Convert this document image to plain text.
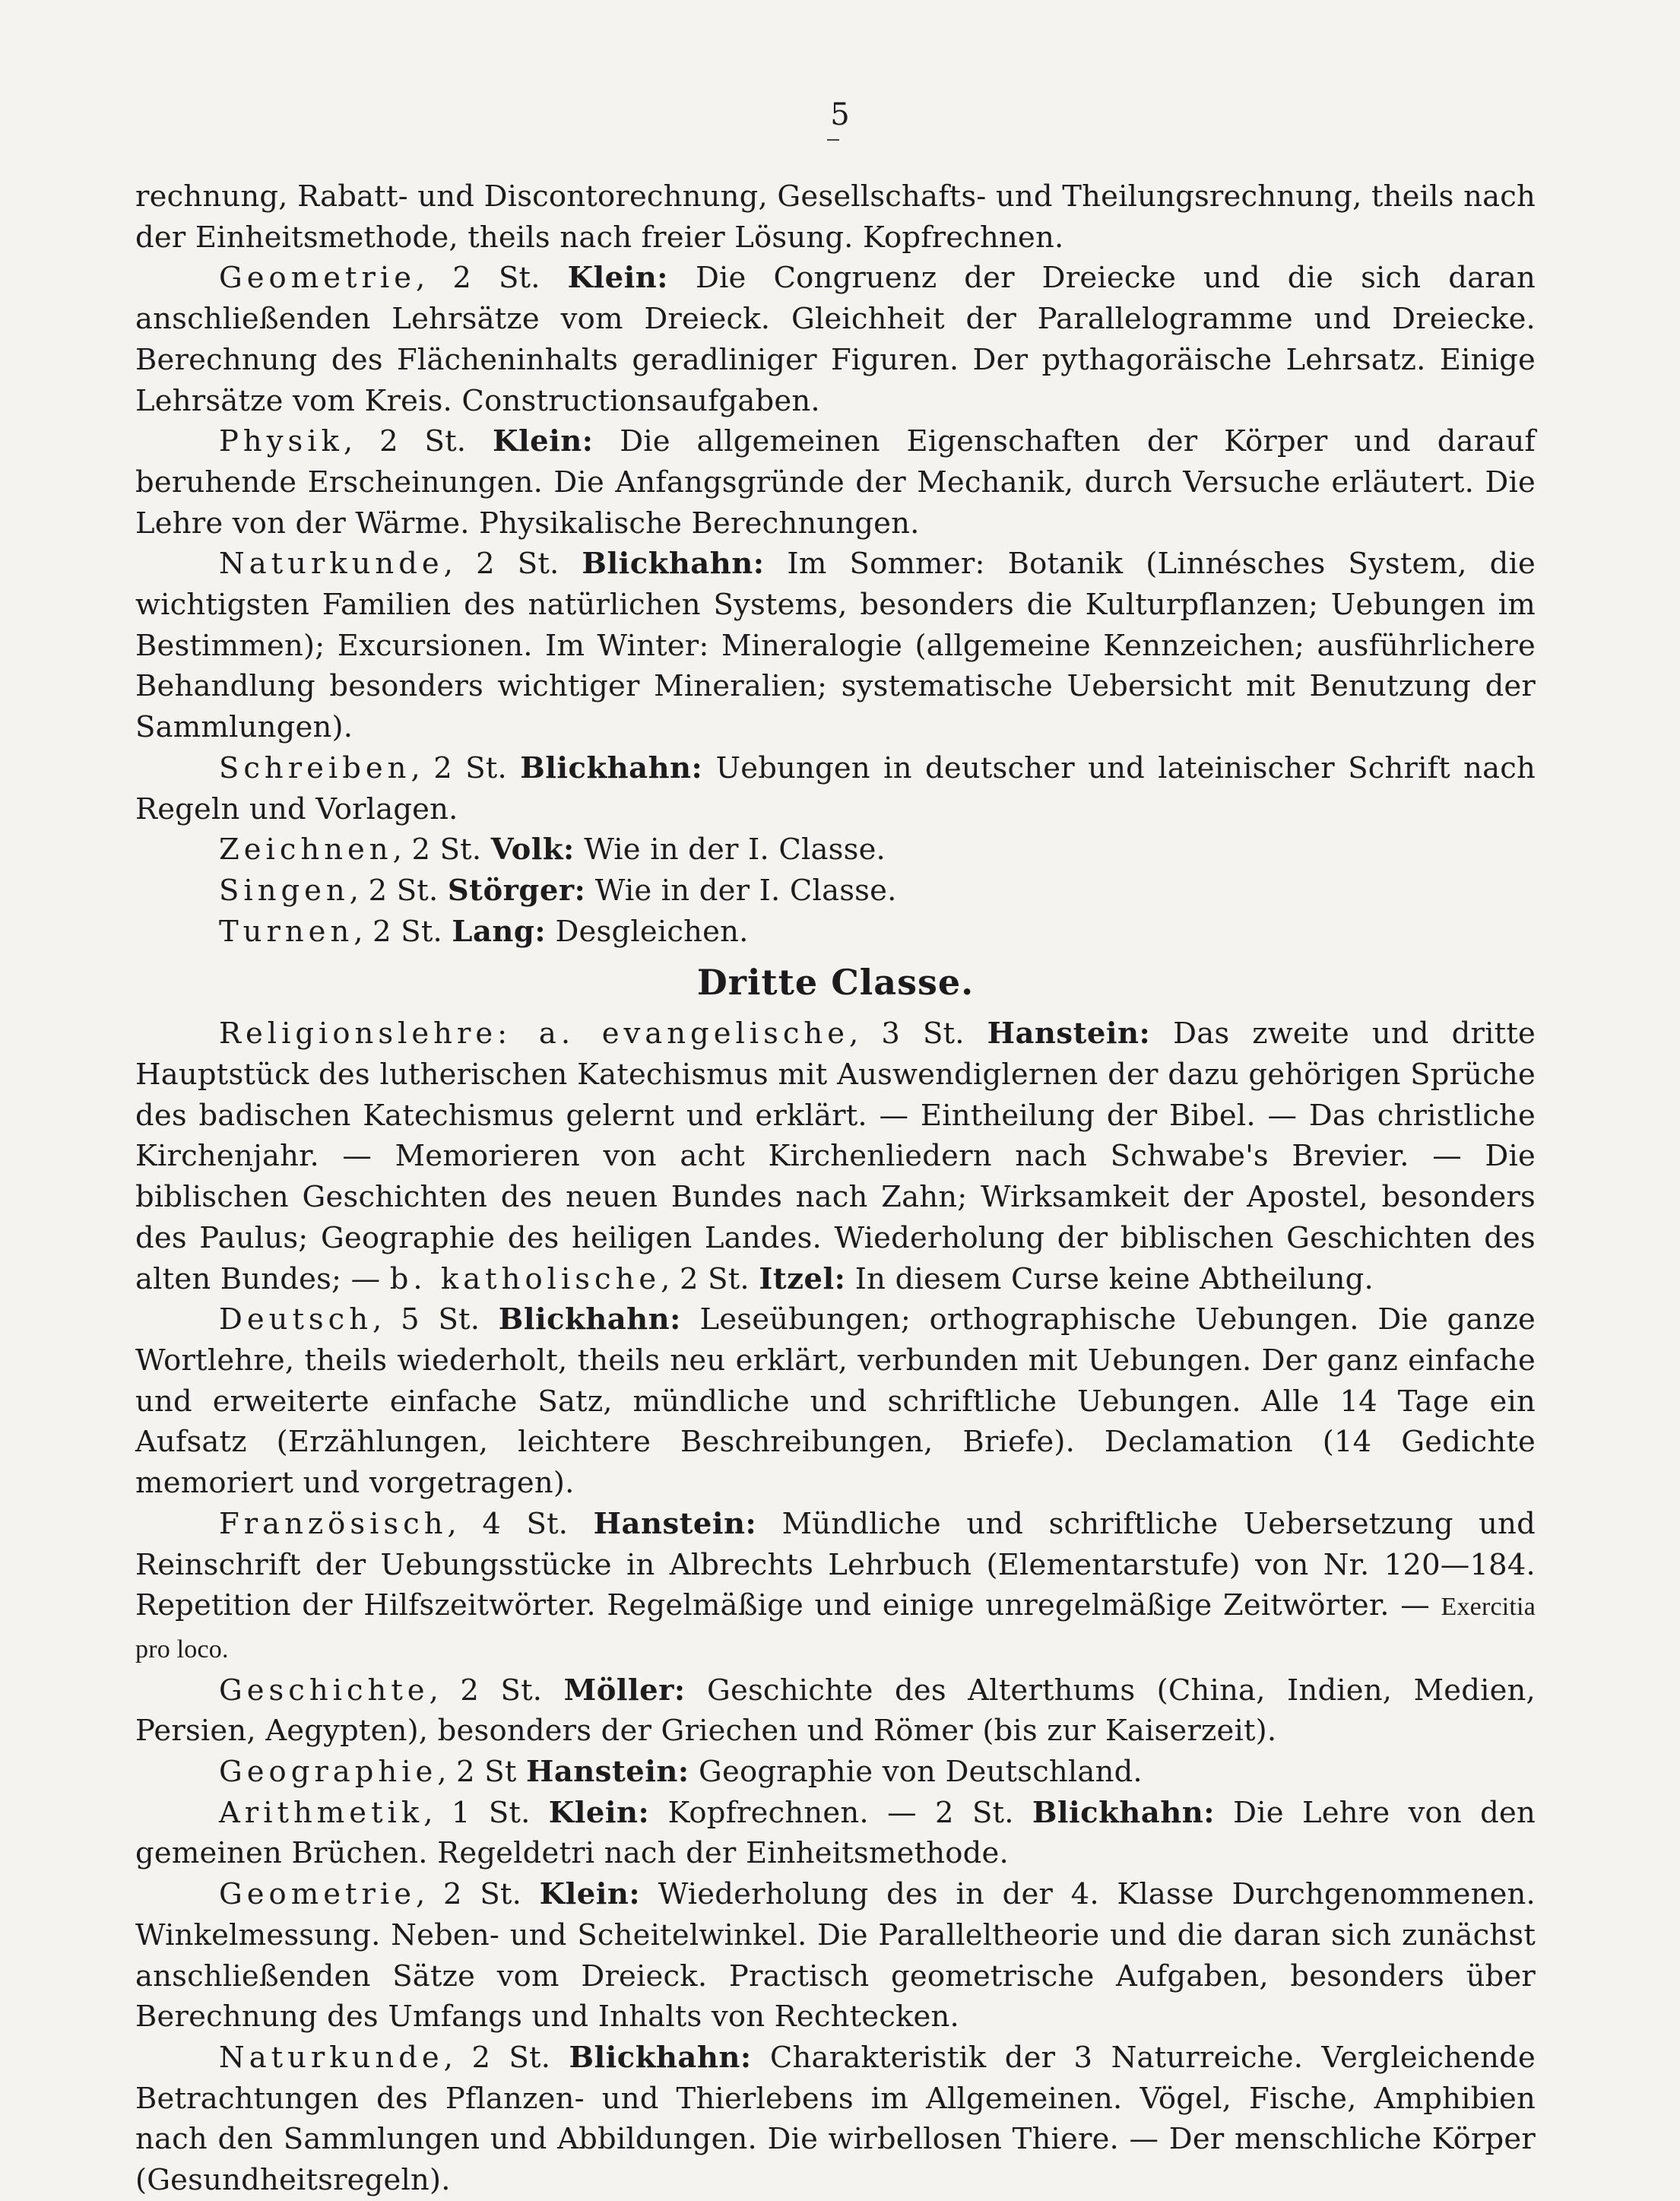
5

rechnung, Rabatt- und Discontorechnung, Gesellschafts- und Theilungsrechnung, theils nach der Einheitsmethode, theils nach freier Lösung. Kopfrechnen.

Geometrie, 2 St. Klein: Die Congruenz der Dreiecke und die sich daran anschließenden Lehrsätze vom Dreieck. Gleichheit der Parallelogramme und Dreiecke. Berechnung des Flächeninhalts geradliniger Figuren. Der pythagoräische Lehrsatz. Einige Lehrsätze vom Kreis. Constructionsaufgaben.

Physik, 2 St. Klein: Die allgemeinen Eigenschaften der Körper und darauf beruhende Erscheinungen. Die Anfangsgründe der Mechanik, durch Versuche erläutert. Die Lehre von der Wärme. Physikalische Berechnungen.

Naturkunde, 2 St. Blickhahn: Im Sommer: Botanik (Linnésches System, die wichtigsten Familien des natürlichen Systems, besonders die Kulturpflanzen; Uebungen im Bestimmen); Excursionen. Im Winter: Mineralogie (allgemeine Kennzeichen; ausführlichere Behandlung besonders wichtiger Mineralien; systematische Uebersicht mit Benutzung der Sammlungen).

Schreiben, 2 St. Blickhahn: Uebungen in deutscher und lateinischer Schrift nach Regeln und Vorlagen.

Zeichnen, 2 St. Volk: Wie in der I. Classe.

Singen, 2 St. Störger: Wie in der I. Classe.

Turnen, 2 St. Lang: Desgleichen.

Dritte Classe.

Religionslehre: a. evangelische, 3 St. Hanstein: Das zweite und dritte Hauptstück des lutherischen Katechismus mit Auswendiglernen der dazu gehörigen Sprüche des badischen Katechismus gelernt und erklärt. — Eintheilung der Bibel. — Das christliche Kirchenjahr. — Memorieren von acht Kirchenliedern nach Schwabe's Brevier. — Die biblischen Geschichten des neuen Bundes nach Zahn; Wirksamkeit der Apostel, besonders des Paulus; Geographie des heiligen Landes. Wiederholung der biblischen Geschichten des alten Bundes; — b. katholische, 2 St. Itzel: In diesem Curse keine Abtheilung.

Deutsch, 5 St. Blickhahn: Leseübungen; orthographische Uebungen. Die ganze Wortlehre, theils wiederholt, theils neu erklärt, verbunden mit Uebungen. Der ganz einfache und erweiterte einfache Satz, mündliche und schriftliche Uebungen. Alle 14 Tage ein Aufsatz (Erzählungen, leichtere Beschreibungen, Briefe). Declamation (14 Gedichte memoriert und vorgetragen).

Französisch, 4 St. Hanstein: Mündliche und schriftliche Uebersetzung und Reinschrift der Uebungsstücke in Albrechts Lehrbuch (Elementarstufe) von Nr. 120—184. Repetition der Hilfszeitwörter. Regelmäßige und einige unregelmäßige Zeitwörter. — Exercitia pro loco.

Geschichte, 2 St. Möller: Geschichte des Alterthums (China, Indien, Medien, Persien, Aegypten), besonders der Griechen und Römer (bis zur Kaiserzeit).

Geographie, 2 St Hanstein: Geographie von Deutschland.

Arithmetik, 1 St. Klein: Kopfrechnen. — 2 St. Blickhahn: Die Lehre von den gemeinen Brüchen. Regeldetri nach der Einheitsmethode.

Geometrie, 2 St. Klein: Wiederholung des in der 4. Klasse Durchgenommenen. Winkelmessung. Neben- und Scheitelwinkel. Die Paralleltheorie und die daran sich zunächst anschließenden Sätze vom Dreieck. Practisch geometrische Aufgaben, besonders über Berechnung des Umfangs und Inhalts von Rechtecken.

Naturkunde, 2 St. Blickhahn: Charakteristik der 3 Naturreiche. Vergleichende Betrachtungen des Pflanzen- und Thierlebens im Allgemeinen. Vögel, Fische, Amphibien nach den Sammlungen und Abbildungen. Die wirbellosen Thiere. — Der menschliche Körper (Gesundheitsregeln).
